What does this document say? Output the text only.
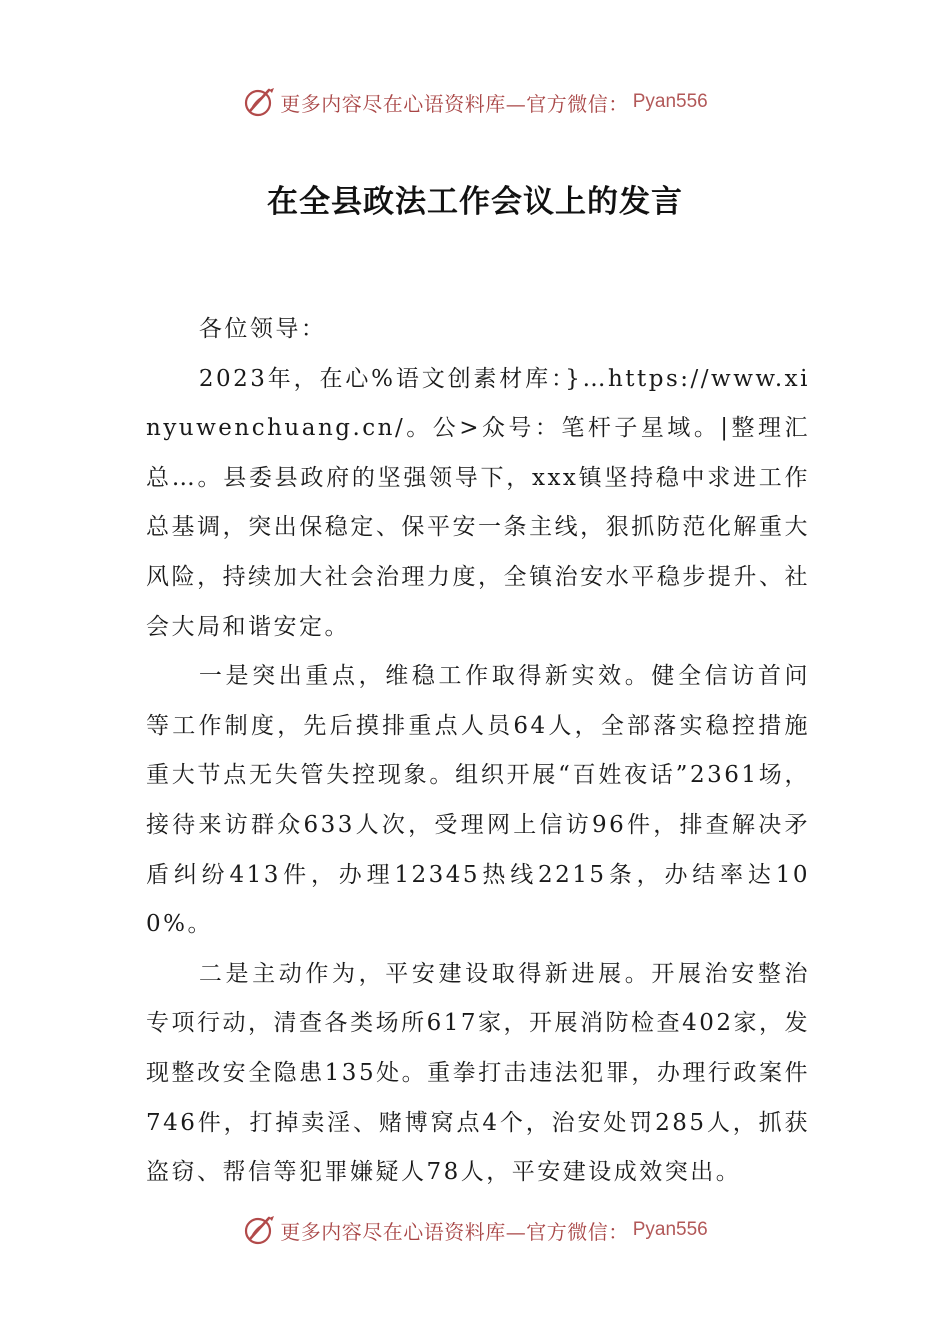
更多内容尽在心语资料库—官方微信： Pyan556
在全县政法工作会议上的发言

各位领导：

2023年，在心%语文创素材库：}…https://www.xinyuwenchuang.cn/。公>众号：笔杆子星域。|整理汇总…。县委县政府的坚强领导下，xxx镇坚持稳中求进工作总基调，突出保稳定、保平安一条主线，狠抓防范化解重大风险，持续加大社会治理力度，全镇治安水平稳步提升、社会大局和谐安定。

一是突出重点，维稳工作取得新实效。健全信访首问等工作制度，先后摸排重点人员64人，全部落实稳控措施重大节点无失管失控现象。组织开展“百姓夜话”2361场，接待来访群众633人次，受理网上信访96件，排查解决矛盾纠纷413件，办理12345热线2215条，办结率达100%。

二是主动作为，平安建设取得新进展。开展治安整治专项行动，清查各类场所617家，开展消防检查402家，发现整改安全隐患135处。重拳打击违法犯罪，办理行政案件746件，打掉卖淫、赌博窝点4个，治安处罚285人，抓获盗窃、帮信等犯罪嫌疑人78人，平安建设成效突出。

更多内容尽在心语资料库—官方微信： Pyan556
